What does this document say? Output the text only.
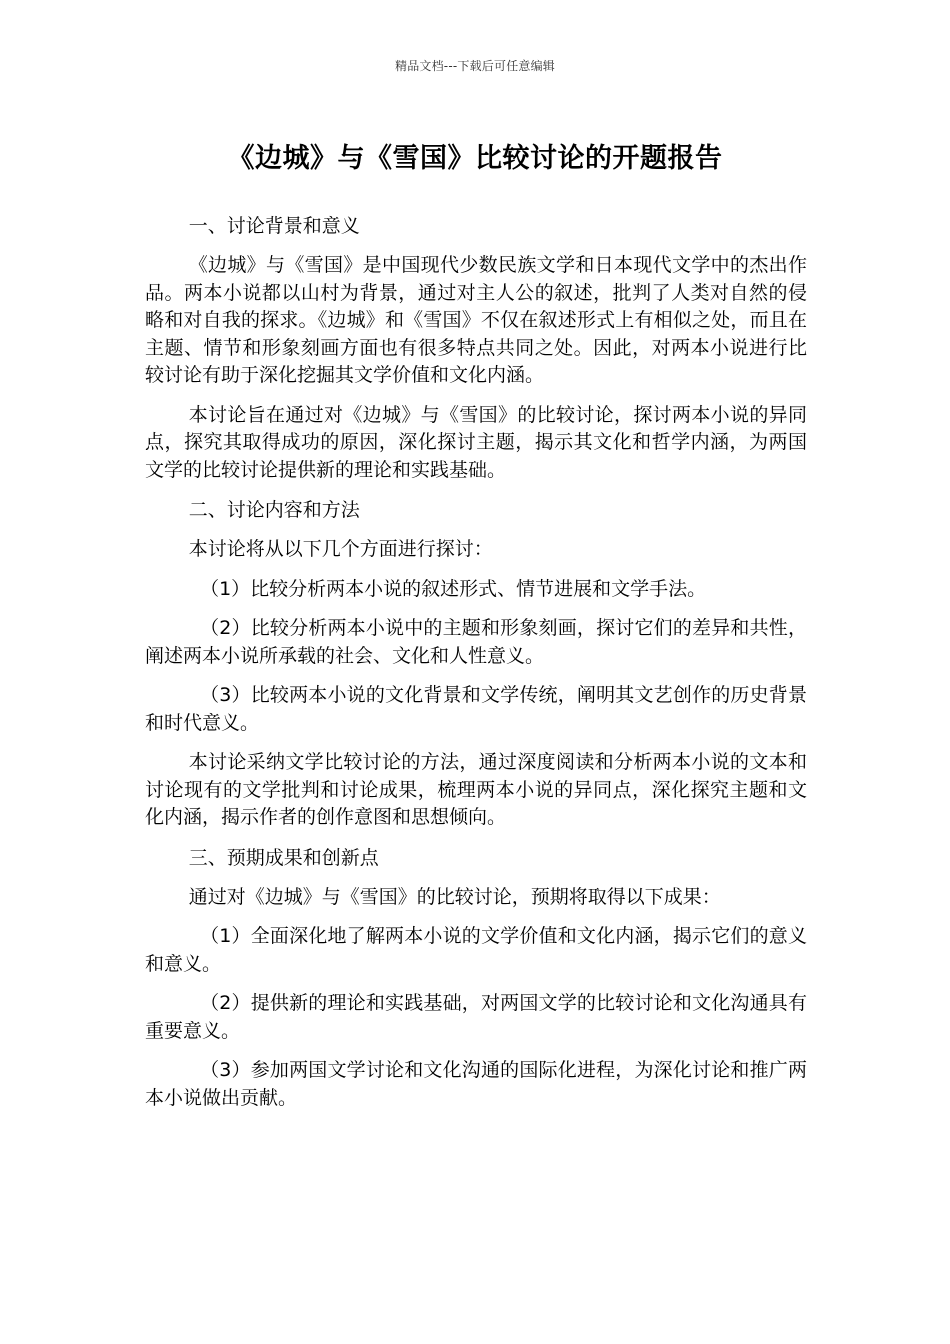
精品文档---下载后可任意编辑
《边城》与《雪国》比较讨论的开题报告

一、讨论背景和意义

《边城》与《雪国》是中国现代少数民族文学和日本现代文学中的杰出作品。两本小说都以山村为背景，通过对主人公的叙述，批判了人类对自然的侵略和对自我的探求。《边城》和《雪国》不仅在叙述形式上有相似之处，而且在主题、情节和形象刻画方面也有很多特点共同之处。因此，对两本小说进行比较讨论有助于深化挖掘其文学价值和文化内涵。

本讨论旨在通过对《边城》与《雪国》的比较讨论，探讨两本小说的异同点，探究其取得成功的原因，深化探讨主题，揭示其文化和哲学内涵，为两国文学的比较讨论提供新的理论和实践基础。

二、讨论内容和方法

本讨论将从以下几个方面进行探讨：

（1）比较分析两本小说的叙述形式、情节进展和文学手法。

（2）比较分析两本小说中的主题和形象刻画，探讨它们的差异和共性，阐述两本小说所承载的社会、文化和人性意义。

（3）比较两本小说的文化背景和文学传统，阐明其文艺创作的历史背景和时代意义。

本讨论采纳文学比较讨论的方法，通过深度阅读和分析两本小说的文本和讨论现有的文学批判和讨论成果，梳理两本小说的异同点，深化探究主题和文化内涵，揭示作者的创作意图和思想倾向。

三、预期成果和创新点

通过对《边城》与《雪国》的比较讨论，预期将取得以下成果：

（1）全面深化地了解两本小说的文学价值和文化内涵，揭示它们的意义和意义。

（2）提供新的理论和实践基础，对两国文学的比较讨论和文化沟通具有重要意义。

（3）参加两国文学讨论和文化沟通的国际化进程，为深化讨论和推广两本小说做出贡献。
